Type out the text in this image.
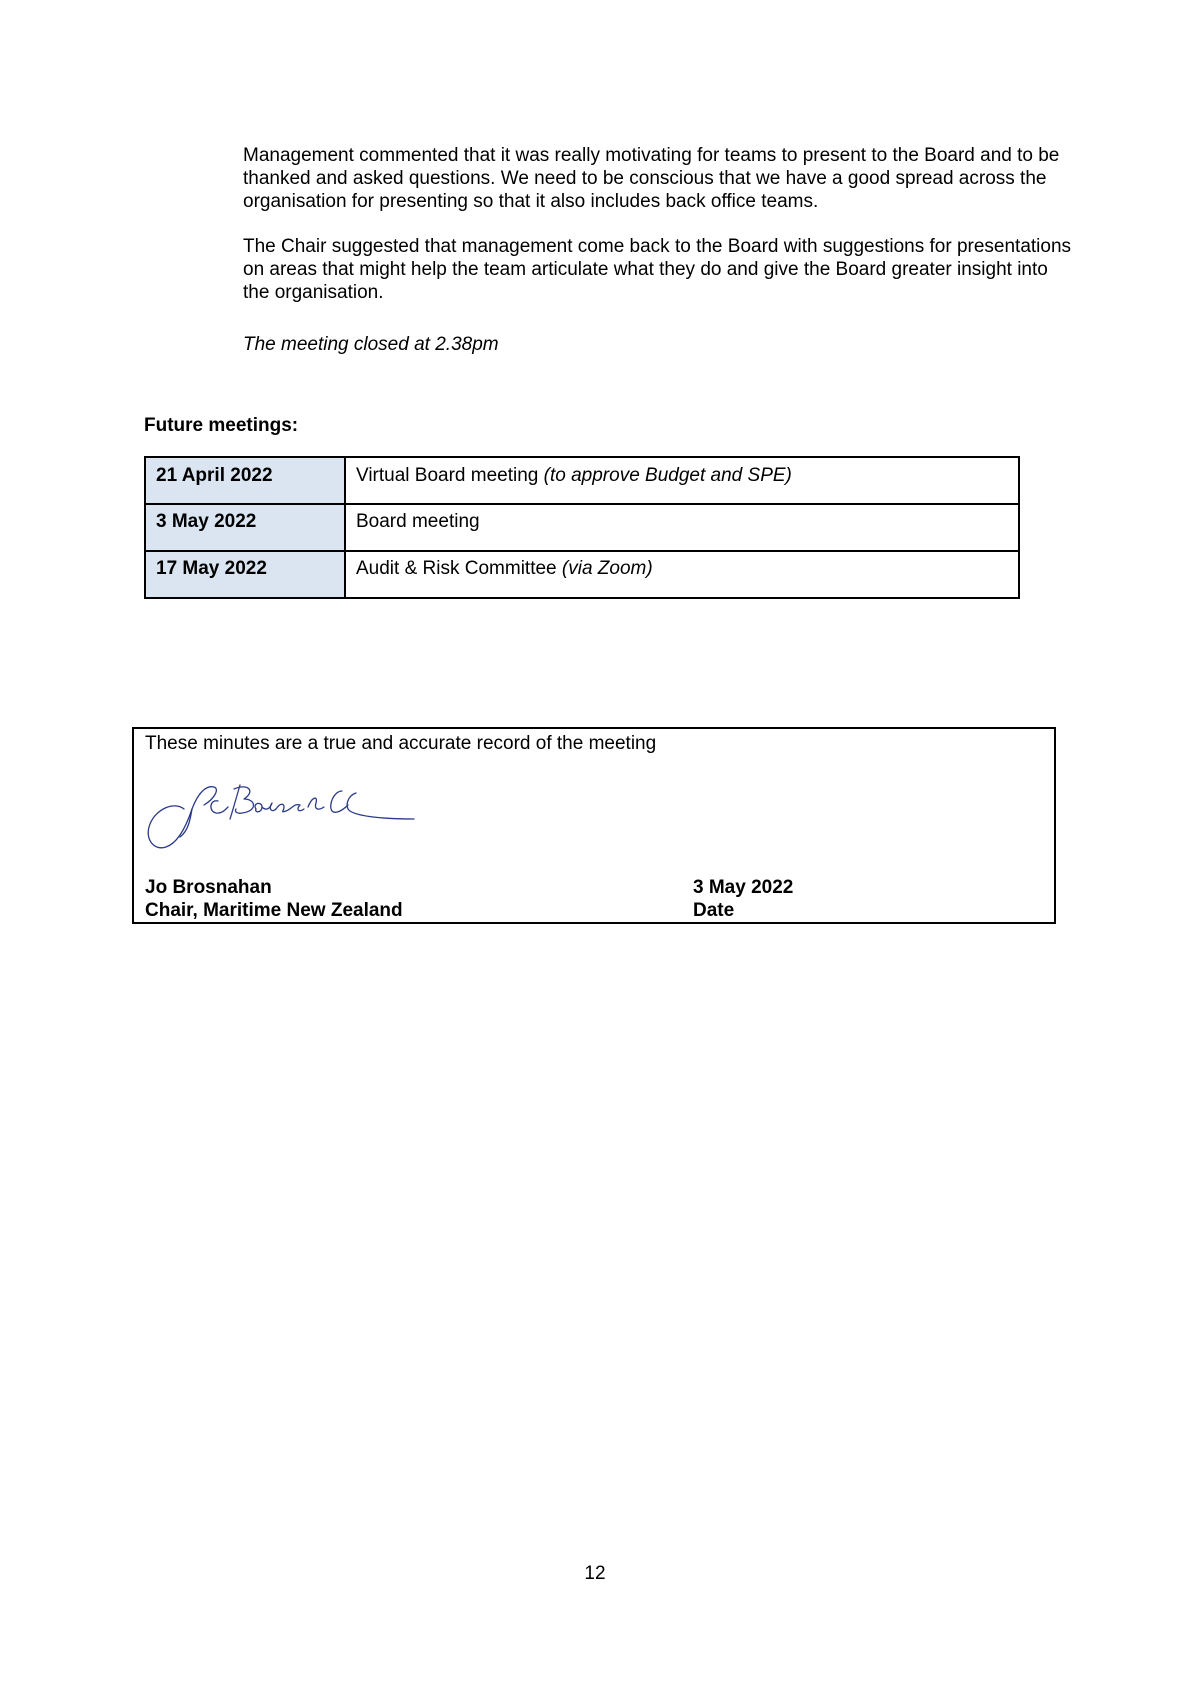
Management commented that it was really motivating for teams to present to the Board and to be thanked and asked questions. We need to be conscious that we have a good spread across the organisation for presenting so that it also includes back office teams.

The Chair suggested that management come back to the Board with suggestions for presentations on areas that might help the team articulate what they do and give the Board greater insight into the organisation.

The meeting closed at 2.38pm

Future meetings:

21 April 2022	Virtual Board meeting (to approve Budget and SPE)
3 May 2022	Board meeting
17 May 2022	Audit & Risk Committee (via Zoom)

These minutes are a true and accurate record of the meeting

Jo Brosnahan

Chair, Maritime New Zealand

3 May 2022

Date

12
